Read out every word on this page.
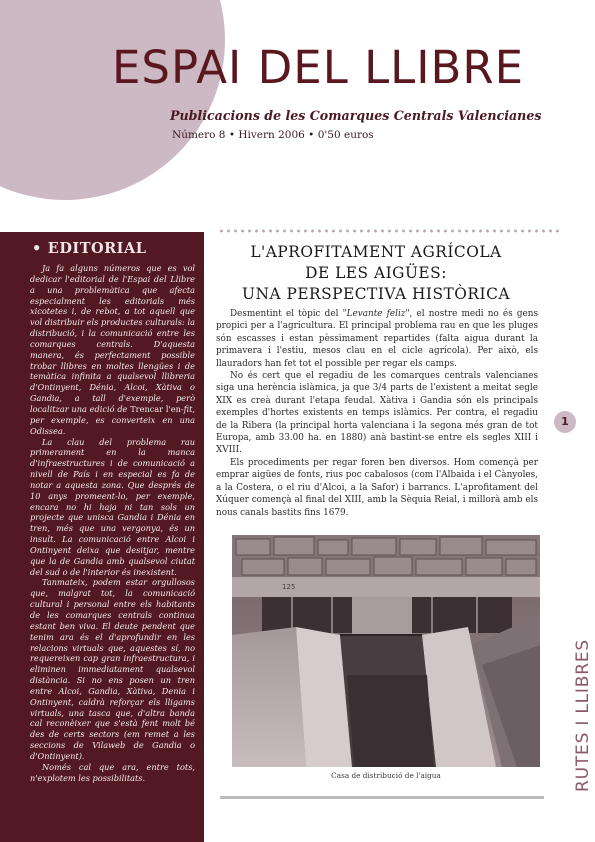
ESPAI DEL LLIBRE
Publicacions de les Comarques Centrals Valencianes
Número 8 • Hivern 2006 • 0'50 euros
• EDITORIAL

Ja fa alguns números que es vol dedicar l'editorial de l'Espai del Llibre a una problemàtica que afecta especialment les editorials més xicotetes i, de rebot, a tot aquell que vol distribuir els productes culturals: la distribució, i la comunicació entre les comarques centrals. D'aquesta manera, és perfectament possible trobar llibres en moltes llengües i de temàtica infinita a qualsevol llibreria d'Ontinyent, Dénia, Alcoi, Xàtiva o Gandia, a tall d'exemple, però localitzar una edició de Trencar l'en-fit, per exemple, es converteix en una Odissea.

La clau del problema rau primerament en la manca d'infraestructures i de comunicació a nivell de País i en especial es fa de notar a aquesta zona. Que després de 10 anys promeent-lo, per exemple, encara no hi haja ni tan sols un projecte que unisca Gandia i Dénia en tren, més que una vergonya, és un insult. La comunicació entre Alcoi i Ontinyent deixa que desitjar, mentre que la de Gandia amb qualsevol ciutat del sud o de l'interior és inexistent.

Tanmateix, podem estar orgullosos que, malgrat tot, la comunicació cultural i personal entre els habitants de les comarques centrals continua estant ben viva. El deute pendent que tenim ara és el d'aprofundir en les relacions virtuals que, aquestes sí, no requereixen cap gran infraestructura, i eliminen immediatament qualsevol distància. Si no ens posen un tren entre Alcoi, Gandia, Xàtiva, Denia i Ontinyent, caldrà reforçar els lligams virtuals, una tasca que, d'altra banda cal reconèixer que s'està fent molt bé des de certs sectors (em remet a les seccions de Vilaweb de Gandia o d'Ontinyent).

Només cal que ara, entre tots, n'explotem les possibilitats.

L'APROFITAMENT AGRÍCOLA
DE LES AIGÜES:
UNA PERSPECTIVA HISTÒRICA

Desmentint el tòpic del "Levante feliz", el nostre medi no és gens propici per a l'agricultura. El principal problema rau en que les pluges són escasses i estan pèssimament repartides (falta aigua durant la primavera i l'estiu, mesos clau en el cicle agrícola). Per això, els llauradors han fet tot el possible per regar els camps.

No és cert que el regadiu de les comarques centrals valencianes siga una herència islàmica, ja que 3/4 parts de l'existent a meitat segle XIX es creà durant l'etapa feudal. Xàtiva i Gandia són els principals exemples d'hortes existents en temps islàmics. Per contra, el regadiu de la Ribera (la principal horta valenciana i la segona més gran de tot Europa, amb 33.00 ha. en 1880) anà bastint-se entre els segles XIII i XVIII.

Els procediments per regar foren ben diversos. Hom començà per emprar aigües de fonts, rius poc cabalosos (com l'Albaida i el Cànyoles, a la Costera, o el riu d'Alcoi, a la Safor) i barrancs. L'aprofitament del Xúquer començà al final del XIII, amb la Sèquia Reial, i millorà amb els nous canals bastits fins 1679.

125
Casa de distribució de l'aigua
1
RUTES I LLIBRES
